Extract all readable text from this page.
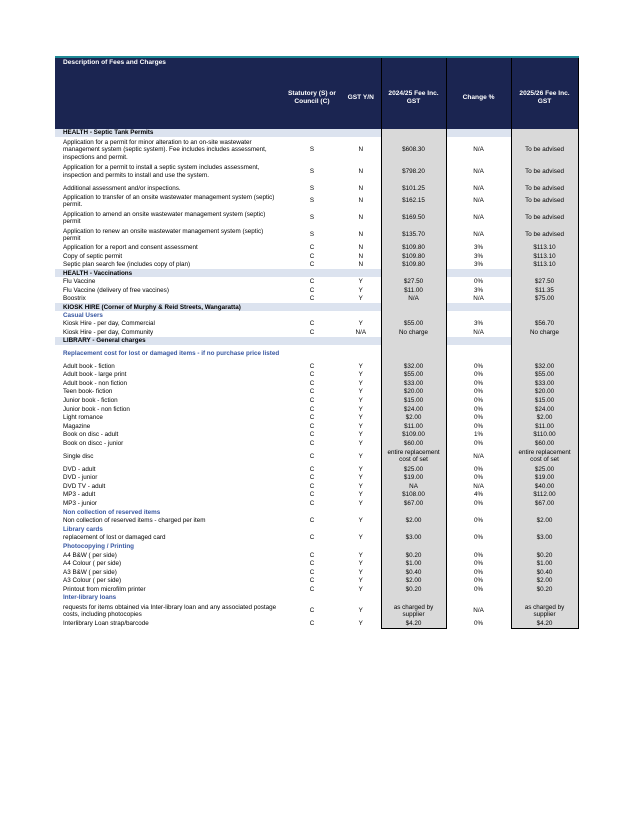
Description of Fees and Charges					
	Statutory (S) or Council (C)	GST Y/N	2024/25 Fee Inc. GST	Change %	2025/26 Fee Inc. GST
HEALTH - Septic Tank Permits					
Application for a permit for minor alteration to an on-site wastewater management system (septic system). Fee includes includes assessment, inspections and permit.	S	N	$608.30	N/A	To be advised
Application for a permit to install a septic system includes assessment, inspection and permits to install and use the system.	S	N	$798.20	N/A	To be advised

Additional assessment and/or inspections.	S	N	$101.25	N/A	To be advised
Application to transfer of an onsite wastewater management system (septic) permit.	S	N	$162.15	N/A	To be advised
Application to amend an onsite wastewater management system (septic) permit	S	N	$169.50	N/A	To be advised
Application to renew an onsite wastewater management system (septic) permit	S	N	$135.70	N/A	To be advised
Application for a report and consent assessment	C	N	$109.80	3%	$113.10
Copy of septic permit	C	N	$109.80	3%	$113.10
Septic plan search fee (includes copy of plan)	C	N	$109.80	3%	$113.10
HEALTH - Vaccinations					
Flu Vaccine	C	Y	$27.50	0%	$27.50
Flu Vaccine (delivery of free vaccines)	C	Y	$11.00	3%	$11.35
Boostrix	C	Y	N/A	N/A	$75.00
KIOSK HIRE (Corner of Murphy & Reid Streets, Wangaratta)					
Casual Users					
Kiosk Hire - per day, Commercial	C	Y	$55.00	3%	$56.70
Kiosk Hire - per day, Community	C	N/A	No charge	N/A	No charge
LIBRARY - General charges					
Replacement cost for lost or damaged items - if no purchase price listed					
Adult book - fiction	C	Y	$32.00	0%	$32.00
Adult book - large print	C	Y	$55.00	0%	$55.00
Adult book - non fiction	C	Y	$33.00	0%	$33.00
Teen book- fiction	C	Y	$20.00	0%	$20.00
Junior book - fiction	C	Y	$15.00	0%	$15.00
Junior book - non fiction	C	Y	$24.00	0%	$24.00
Light romance	C	Y	$2.00	0%	$2.00
Magazine	C	Y	$11.00	0%	$11.00
Book on disc - adult	C	Y	$109.00	1%	$110.00
Book on discc - junior	C	Y	$60.00	0%	$60.00
Single disc	C	Y	entire replacement cost of set	N/A	entire replacement cost of set
DVD - adult	C	Y	$25.00	0%	$25.00
DVD - junior	C	Y	$19.00	0%	$19.00
DVD TV - adult	C	Y	NA	N/A	$40.00
MP3 - adult	C	Y	$108.00	4%	$112.00
MP3 - junior	C	Y	$67.00	0%	$67.00
Non collection of reserved items					
Non collection of reserved items - charged per item	C	Y	$2.00	0%	$2.00
Library cards					
replacement of lost or damaged card	C	Y	$3.00	0%	$3.00
Photocopying / Printing					
A4 B&W ( per side)	C	Y	$0.20	0%	$0.20
A4 Colour ( per side)	C	Y	$1.00	0%	$1.00
A3 B&W ( per side)	C	Y	$0.40	0%	$0.40
A3 Colour ( per side)	C	Y	$2.00	0%	$2.00
Printout from microfilm printer	C	Y	$0.20	0%	$0.20
Inter-library loans					
requests for items obtained via Inter-library loan and any associated postage costs, including photocopies	C	Y	as charged by supplier	N/A	as charged by supplier
Interlibrary Loan strap/barcode	C	Y	$4.20	0%	$4.20
